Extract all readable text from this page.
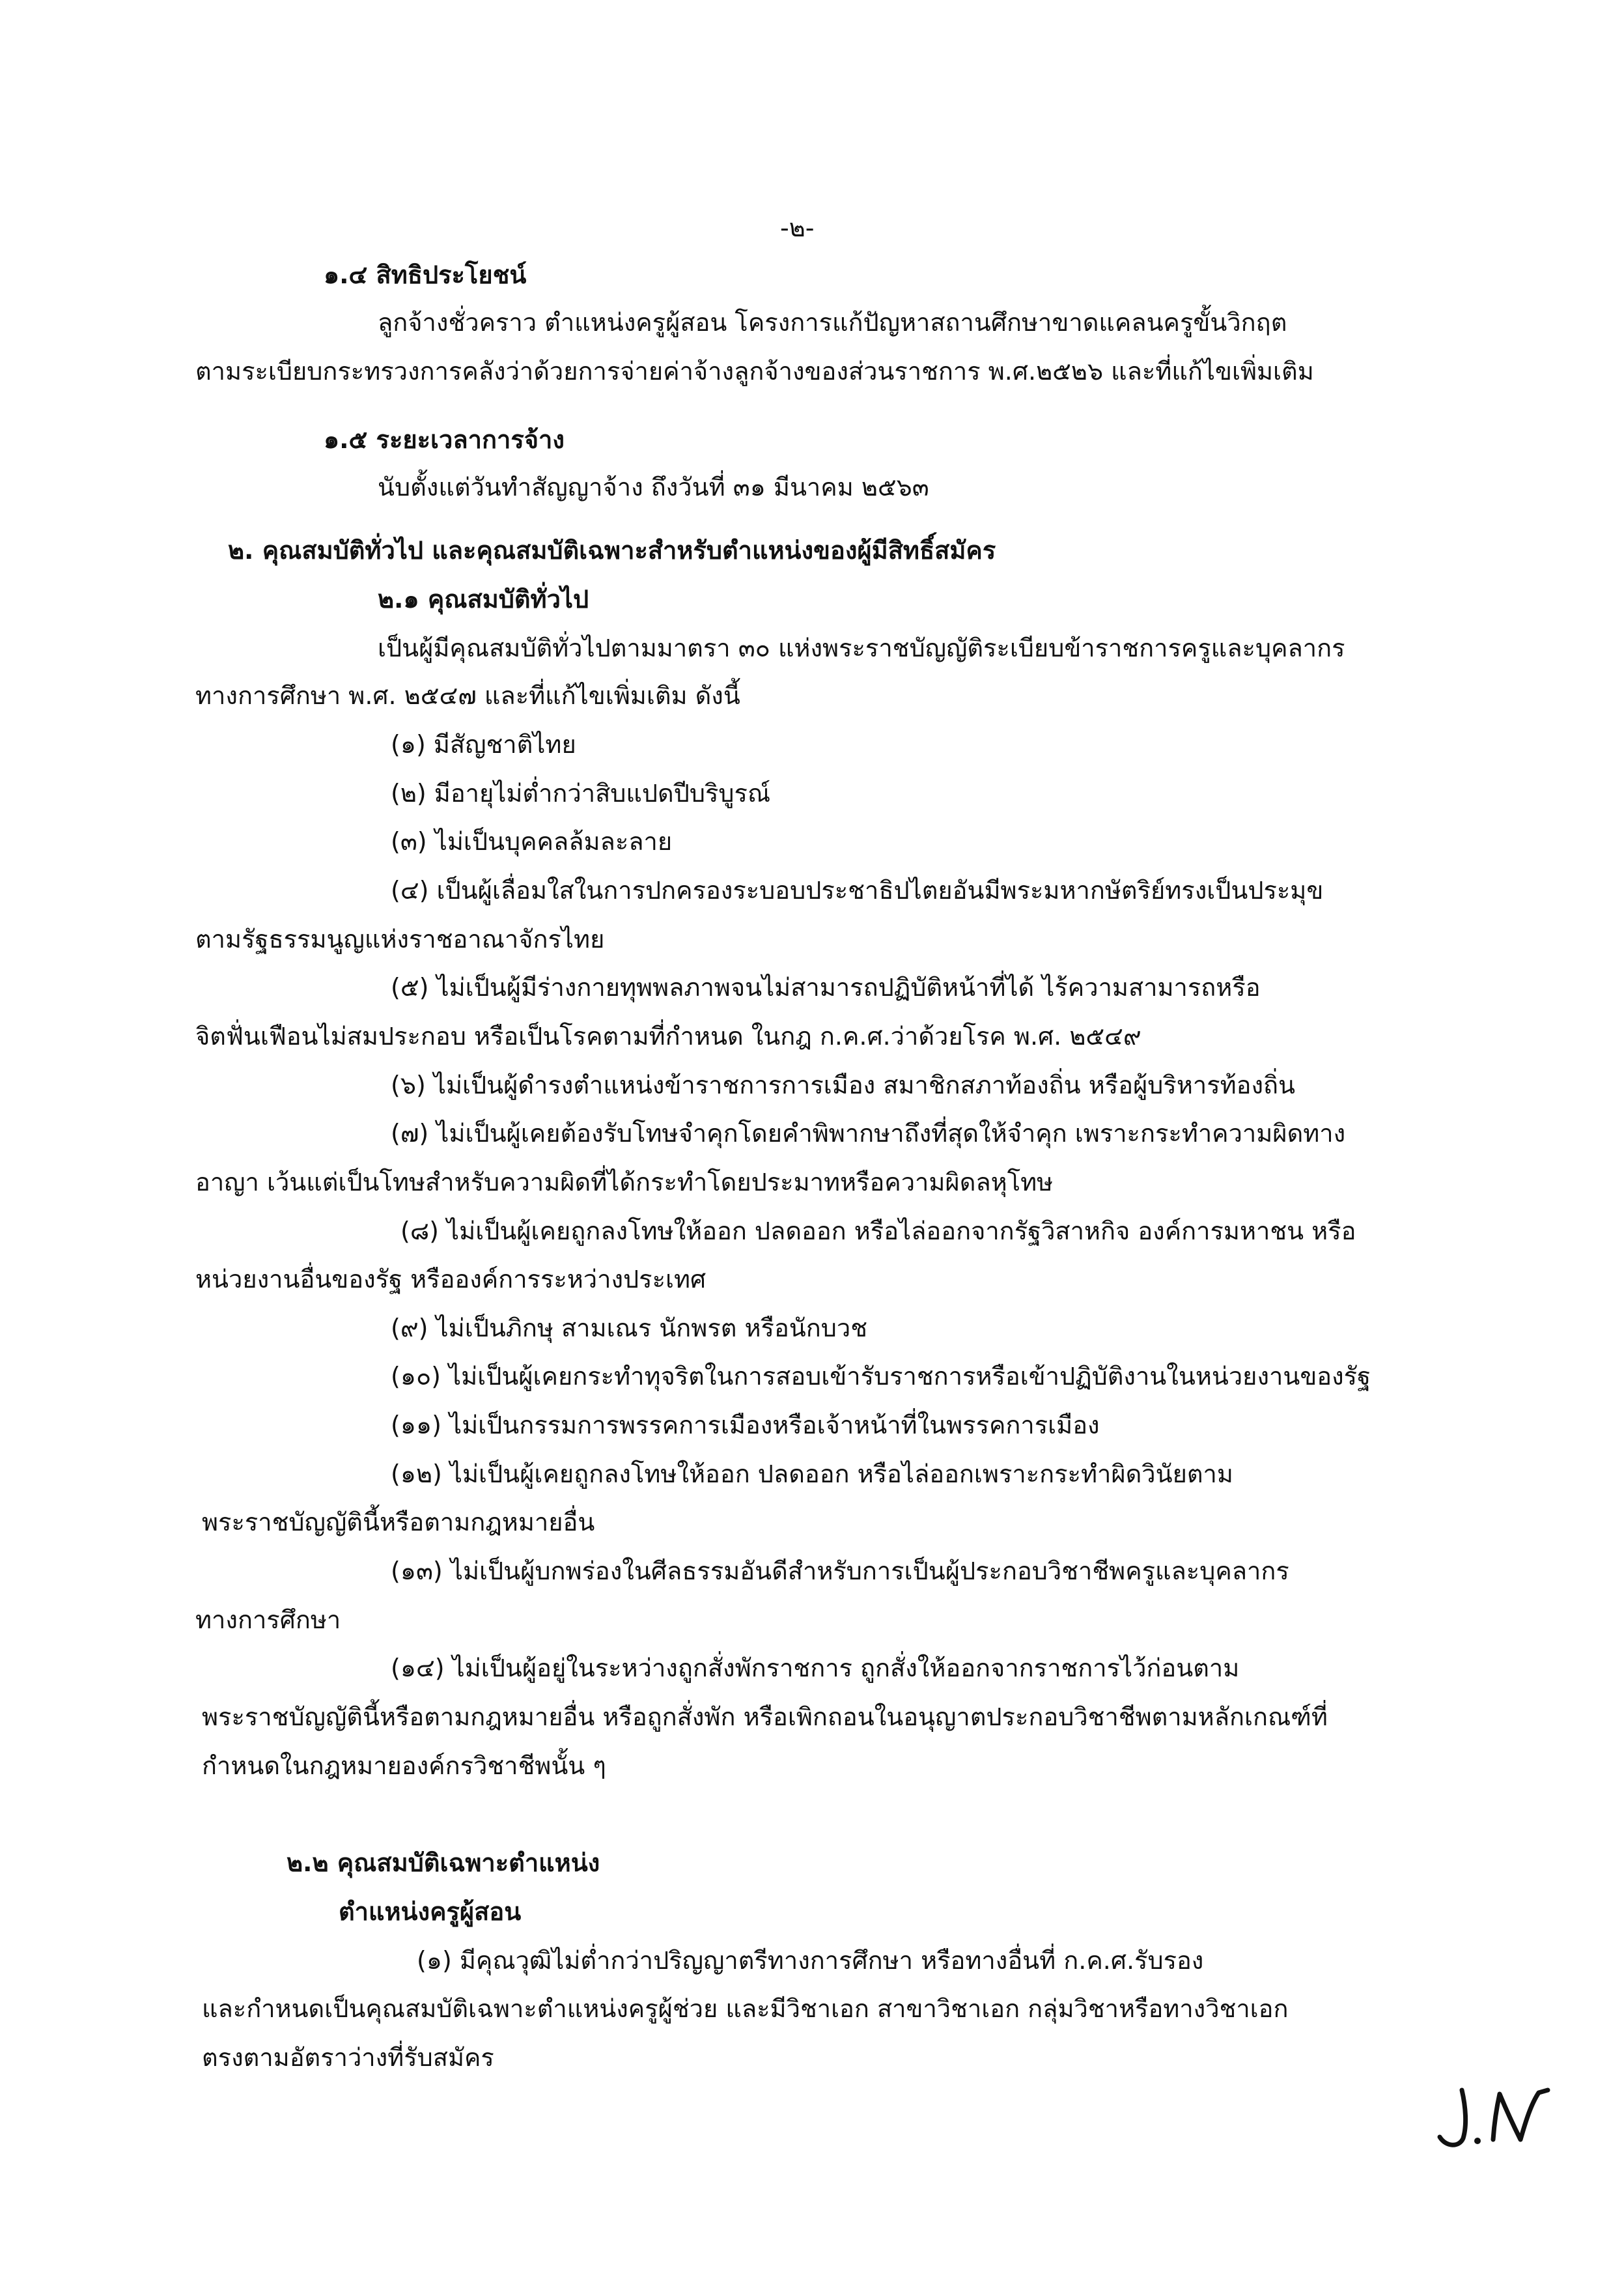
-๒-
๑.๔ สิทธิประโยชน์
ลูกจ้างชั่วคราว ตำแหน่งครูผู้สอน โครงการแก้ปัญหาสถานศึกษาขาดแคลนครูขั้นวิกฤต
ตามระเบียบกระทรวงการคลังว่าด้วยการจ่ายค่าจ้างลูกจ้างของส่วนราชการ พ.ศ.๒๕๒๖ และที่แก้ไขเพิ่มเติม
๑.๕ ระยะเวลาการจ้าง
นับตั้งแต่วันทำสัญญาจ้าง ถึงวันที่ ๓๑ มีนาคม ๒๕๖๓
๒. คุณสมบัติทั่วไป และคุณสมบัติเฉพาะสำหรับตำแหน่งของผู้มีสิทธิ์สมัคร
๒.๑ คุณสมบัติทั่วไป
เป็นผู้มีคุณสมบัติทั่วไปตามมาตรา ๓๐ แห่งพระราชบัญญัติระเบียบข้าราชการครูและบุคลากร
ทางการศึกษา พ.ศ. ๒๕๔๗ และที่แก้ไขเพิ่มเติม ดังนี้
(๑) มีสัญชาติไทย
(๒) มีอายุไม่ต่ำกว่าสิบแปดปีบริบูรณ์
(๓) ไม่เป็นบุคคลล้มละลาย
(๔) เป็นผู้เลื่อมใสในการปกครองระบอบประชาธิปไตยอันมีพระมหากษัตริย์ทรงเป็นประมุข
ตามรัฐธรรมนูญแห่งราชอาณาจักรไทย
(๕) ไม่เป็นผู้มีร่างกายทุพพลภาพจนไม่สามารถปฏิบัติหน้าที่ได้ ไร้ความสามารถหรือ
จิตฟั่นเฟือนไม่สมประกอบ หรือเป็นโรคตามที่กำหนด ในกฎ ก.ค.ศ.ว่าด้วยโรค พ.ศ. ๒๕๔๙
(๖) ไม่เป็นผู้ดำรงตำแหน่งข้าราชการการเมือง สมาชิกสภาท้องถิ่น หรือผู้บริหารท้องถิ่น
(๗) ไม่เป็นผู้เคยต้องรับโทษจำคุกโดยคำพิพากษาถึงที่สุดให้จำคุก เพราะกระทำความผิดทาง
อาญา เว้นแต่เป็นโทษสำหรับความผิดที่ได้กระทำโดยประมาทหรือความผิดลหุโทษ
(๘) ไม่เป็นผู้เคยถูกลงโทษให้ออก ปลดออก หรือไล่ออกจากรัฐวิสาหกิจ องค์การมหาชน หรือ
หน่วยงานอื่นของรัฐ หรือองค์การระหว่างประเทศ
(๙) ไม่เป็นภิกษุ สามเณร นักพรต หรือนักบวช
(๑๐) ไม่เป็นผู้เคยกระทำทุจริตในการสอบเข้ารับราชการหรือเข้าปฏิบัติงานในหน่วยงานของรัฐ
(๑๑) ไม่เป็นกรรมการพรรคการเมืองหรือเจ้าหน้าที่ในพรรคการเมือง
(๑๒) ไม่เป็นผู้เคยถูกลงโทษให้ออก ปลดออก หรือไล่ออกเพราะกระทำผิดวินัยตาม
พระราชบัญญัตินี้หรือตามกฎหมายอื่น
(๑๓) ไม่เป็นผู้บกพร่องในศีลธรรมอันดีสำหรับการเป็นผู้ประกอบวิชาชีพครูและบุคลากร
ทางการศึกษา
(๑๔) ไม่เป็นผู้อยู่ในระหว่างถูกสั่งพักราชการ ถูกสั่งให้ออกจากราชการไว้ก่อนตาม
พระราชบัญญัตินี้หรือตามกฎหมายอื่น หรือถูกสั่งพัก หรือเพิกถอนในอนุญาตประกอบวิชาชีพตามหลักเกณฑ์ที่
กำหนดในกฎหมายองค์กรวิชาชีพนั้น ๆ
๒.๒ คุณสมบัติเฉพาะตำแหน่ง
ตำแหน่งครูผู้สอน
(๑) มีคุณวุฒิไม่ต่ำกว่าปริญญาตรีทางการศึกษา หรือทางอื่นที่ ก.ค.ศ.รับรอง
และกำหนดเป็นคุณสมบัติเฉพาะตำแหน่งครูผู้ช่วย และมีวิชาเอก สาขาวิชาเอก กลุ่มวิชาหรือทางวิชาเอก
ตรงตามอัตราว่างที่รับสมัคร
